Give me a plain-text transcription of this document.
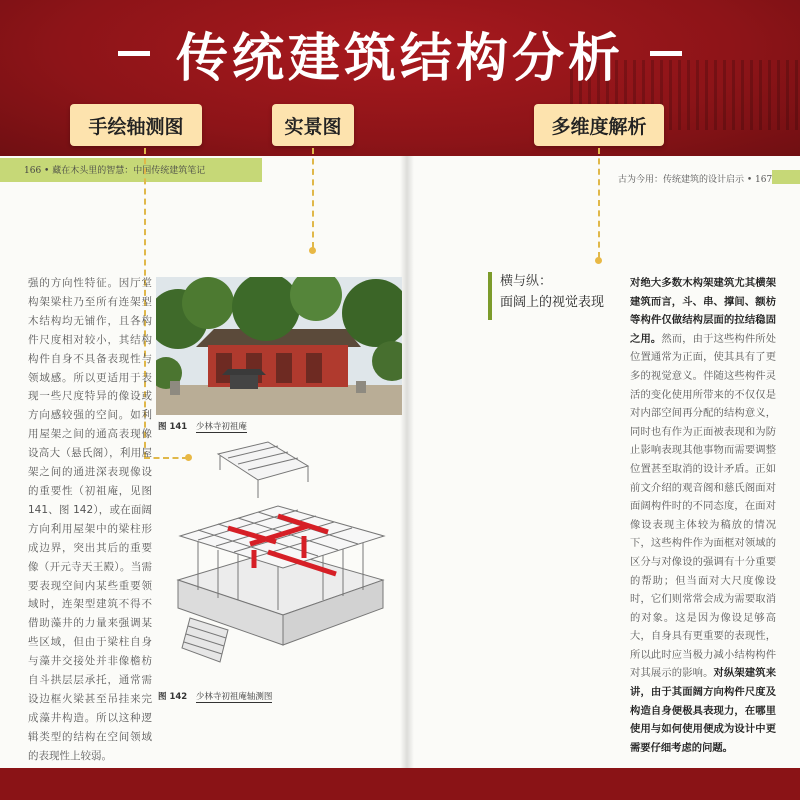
传统建筑结构分析
手绘轴测图	实景图	多维度解析
166 • 藏在木头里的智慧：中国传统建筑笔记
古为今用：传统建筑的设计启示 • 167
强的方向性特征。因厅堂构架梁柱乃至所有连架型木结构均无铺作，且各构件尺度相对较小，其结构构件自身不具备表现性与领域感。所以更适用于表现一些尺度特异的像设或方向感较强的空间。如利用屋架之间的通高表现像设高大（悬氏阁），利用屋架之间的通进深表现像设的重要性（初祖庵，见图 141、图 142），或在面阔方向利用屋架中的梁柱形成边界，突出其后的重要像（开元寺天王殿）。当需要表现空间内某些重要领域时，连架型建筑不得不借助藻井的力量来强调某些区域，但由于梁柱自身与藻井交接处并非像檐枋自斗拱层层承托，通常需设边框火梁甚至吊挂来完成藻井构造。所以这种逻辑类型的结构在空间领域的表现性上较弱。
图 141 少林寺初祖庵
图 142 少林寺初祖庵轴测图
横与纵：
面阔上的视觉表现
对绝大多数木构架建筑尤其横架建筑而言，斗、串、撑间、额枋等构件仅做结构层面的拉结稳固之用。然而，由于这些构件所处位置通常为正面，使其具有了更多的视觉意义。伴随这些构件灵活的变化使用所带来的不仅仅是对内部空间再分配的结构意义，同时也有作为正面被表现和为防止影响表现其他事物而需要调整位置甚至取消的设计矛盾。正如前文介绍的观音阁和慈氏阁面对面阔构件时的不同态度，在面对像设表现主体较为稿放的情况下，这些构件作为面框对领域的区分与对像设的强调有十分重要的帮助；但当面对大尺度像设时，它们则常常会成为需要取消的对象。这是因为像设足够高大，自身具有更重要的表现性，所以此时应当极力减小结构构件对其展示的影响。对纵架建筑来讲，由于其面阔方向构件尺度及构造自身便极具表现力，在哪里使用与如何使用便成为设计中更需要仔细考虑的问题。
